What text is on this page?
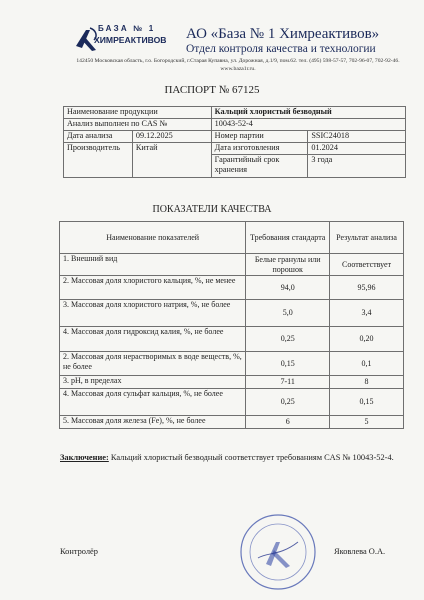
БАЗА № 1
ХИМРЕАКТИВОВ АО «База № 1 Химреактивов»
Отдел контроля качества и технологии
142450 Московская область, г.о. Богородский, г.Старая Купавна, ул. Дорожная, д.1/9, пом.62. тел. (495) 598-57-57, 702-96-07, 702-92-46. www.baza1r.ru.
ПАСПОРТ № 67125
Наименование продукции		Кальций хлористый безводный	
Анализ выполнен по CAS №		10043-52-4	
Дата анализа	09.12.2025	Номер партии	SSIC24018
Производитель	Китай	Дата изготовления	01.2024
		Гарантийный срок хранения	3 года
ПОКАЗАТЕЛИ КАЧЕСТВА
Наименование показателей	Требования стандарта	Результат анализа
1. Внешний вид	Белые гранулы или порошок	Соответствует
2. Массовая доля хлористого кальция, %, не менее	94,0	95,96
3. Массовая доля хлористого натрия, %, не более	5,0	3,4
4. Массовая доля гидроксид калия, %, не более	0,25	0,20
2. Массовая доля нерастворимых в воде веществ, %, не более	0,15	0,1
3. pH, в пределах	7-11	8
4. Массовая доля сульфат кальция, %, не более	0,25	0,15
5. Массовая доля железа (Fe), %, не более	6	5
Заключение: Кальций хлористый безводный соответствует требованиям CAS № 10043-52-4.
Контролёр	Яковлева О.А.
